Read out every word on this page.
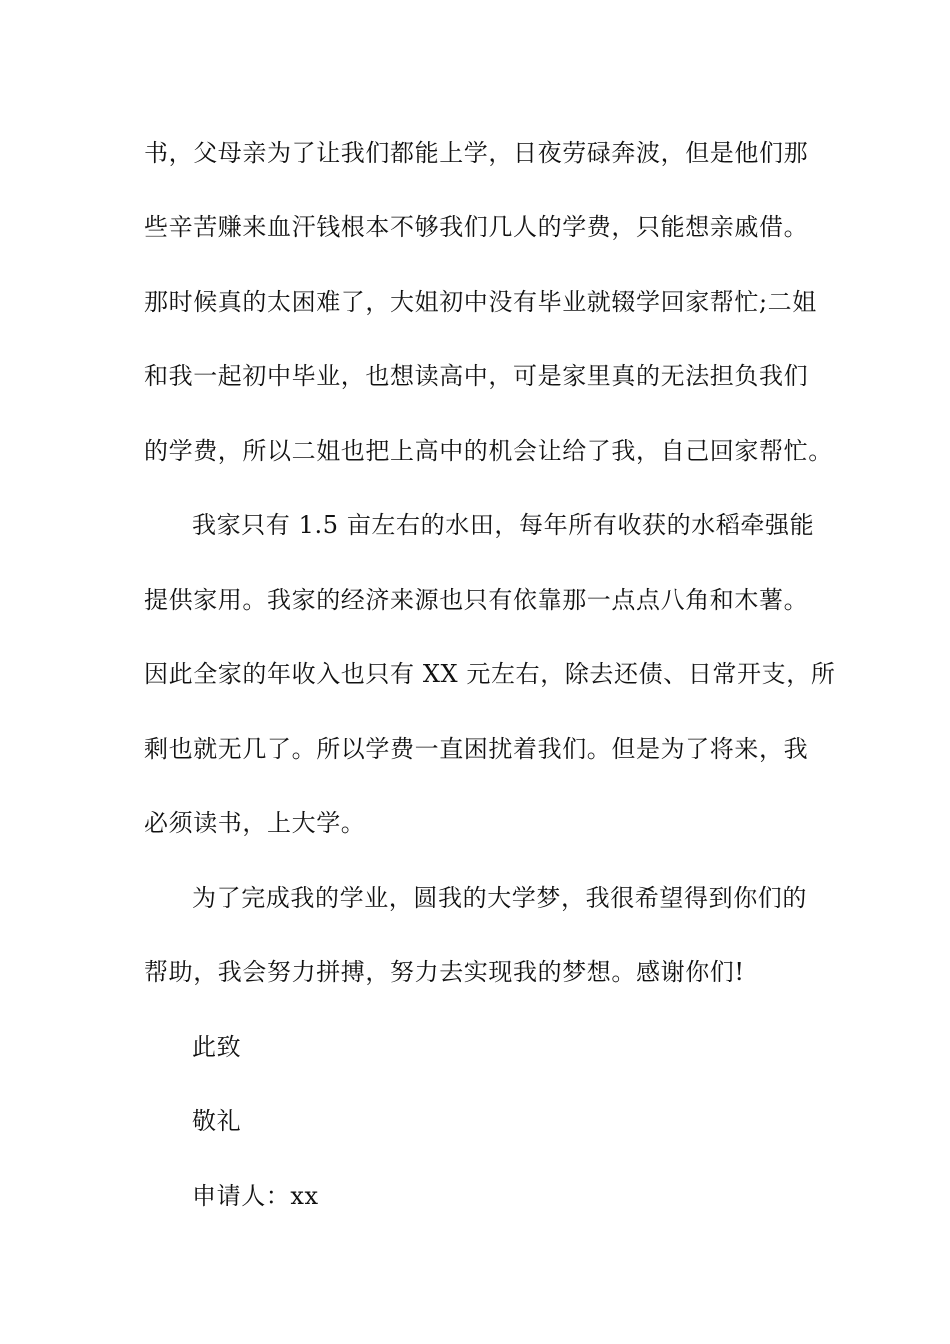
书，父母亲为了让我们都能上学，日夜劳碌奔波，但是他们那
些辛苦赚来血汗钱根本不够我们几人的学费，只能想亲戚借。
那时候真的太困难了，大姐初中没有毕业就辍学回家帮忙;二姐
和我一起初中毕业，也想读高中，可是家里真的无法担负我们
的学费，所以二姐也把上高中的机会让给了我，自己回家帮忙。
我家只有 1.5 亩左右的水田，每年所有收获的水稻牵强能
提供家用。我家的经济来源也只有依靠那一点点八角和木薯。
因此全家的年收入也只有 XX 元左右，除去还债、日常开支，所
剩也就无几了。所以学费一直困扰着我们。但是为了将来，我
必须读书，上大学。
为了完成我的学业，圆我的大学梦，我很希望得到你们的
帮助，我会努力拼搏，努力去实现我的梦想。感谢你们!
此致
敬礼
申请人：xx
